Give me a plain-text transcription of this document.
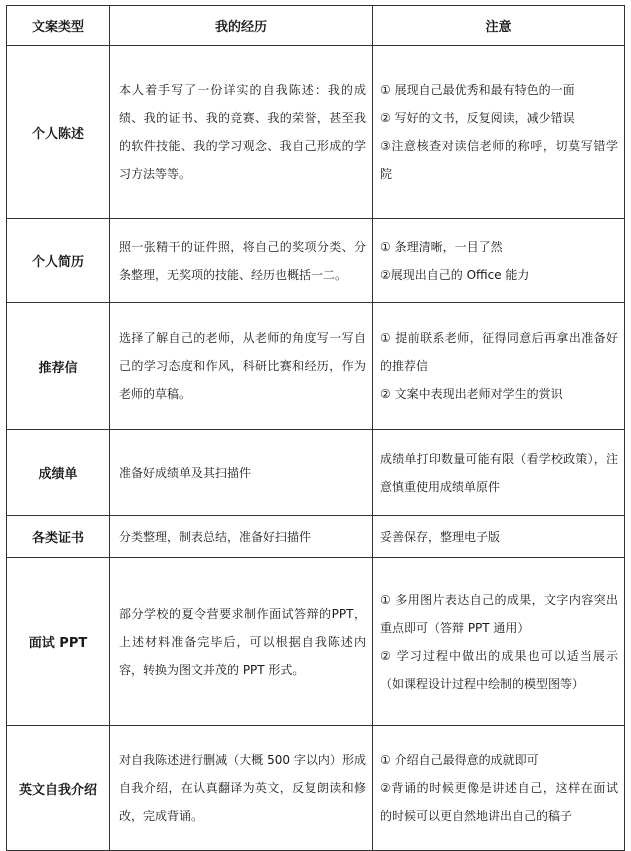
文案类型	我的经历	注意
个人陈述	本人着手写了一份详实的自我陈述：我的成绩、我的证书、我的竞赛、我的荣誉，甚至我的软件技能、我的学习观念、我自己形成的学习方法等等。	① 展现自己最优秀和最有特色的一面
② 写好的文书，反复阅读，减少错误
③注意核查对读信老师的称呼，切莫写错学院

个人简历	照一张精干的证件照，将自己的奖项分类、分条整理，无奖项的技能、经历也概括一二。	① 条理清晰，一目了然
②展现出自己的 Office 能力

推荐信	选择了解自己的老师，从老师的角度写一写自己的学习态度和作风，科研比赛和经历，作为老师的草稿。	① 提前联系老师，征得同意后再拿出准备好的推荐信
② 文案中表现出老师对学生的赏识

成绩单	准备好成绩单及其扫描件	成绩单打印数量可能有限（看学校政策），注意慎重使用成绩单原件

各类证书	分类整理，制表总结，准备好扫描件	妥善保存，整理电子版

面试 PPT	部分学校的夏令营要求制作面试答辩的PPT，上述材料准备完毕后，可以根据自我陈述内容，转换为图文并茂的 PPT 形式。	① 多用图片表达自己的成果，文字内容突出重点即可（答辩 PPT 通用）
② 学习过程中做出的成果也可以适当展示（如课程设计过程中绘制的模型图等）

英文自我介绍	对自我陈述进行删减（大概 500 字以内）形成自我介绍，在认真翻译为英文，反复朗读和修改，完成背诵。	① 介绍自己最得意的成就即可
②背诵的时候更像是讲述自己，这样在面试的时候可以更自然地讲出自己的稿子
